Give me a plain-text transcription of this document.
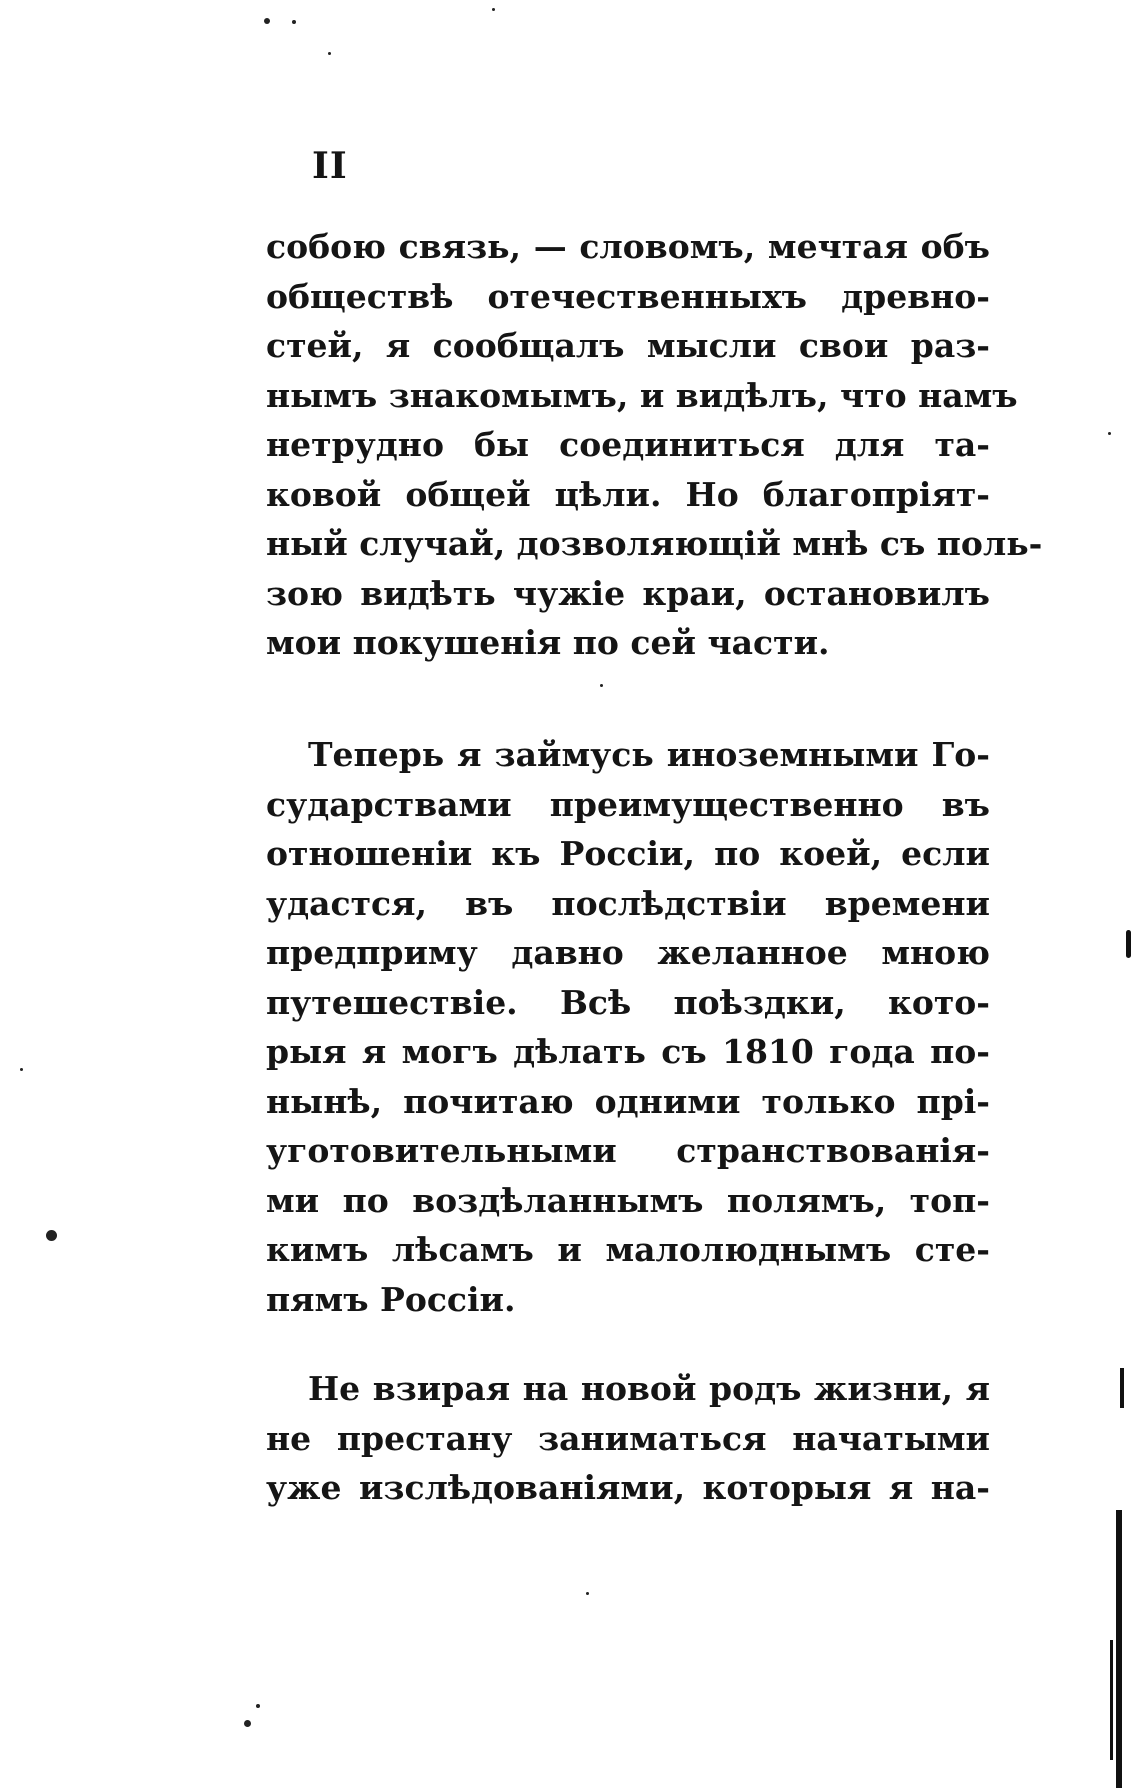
II
собою связь, — словомъ, мечтая объ
обществѣ отечественныхъ древно-
стей, я сообщалъ мысли свои раз-
нымъ знакомымъ, и видѣлъ, что намъ
нетрудно бы соединиться для та-
ковой общей цѣли. Но благопріят-
ный случай, дозволяющій мнѣ съ поль-
зою видѣть чужіе краи, остановилъ
мои покушенія по сей части.
Теперь я займусь иноземными Го-
сударствами преимущественно въ
отношеніи къ Россіи, по коей, если
удастся, въ послѣдствіи времени
предприму давно желанное мною
путешествіе. Всѣ поѣздки, кото-
рыя я могъ дѣлать съ 1810 года по-
нынѣ, почитаю одними только прі-
уготовительными странствованія-
ми по воздѣланнымъ полямъ, топ-
кимъ лѣсамъ и малолюднымъ сте-
пямъ Россіи.
Не взирая на новой родъ жизни, я
не престану заниматься начатыми
уже изслѣдованіями, которыя я на-
